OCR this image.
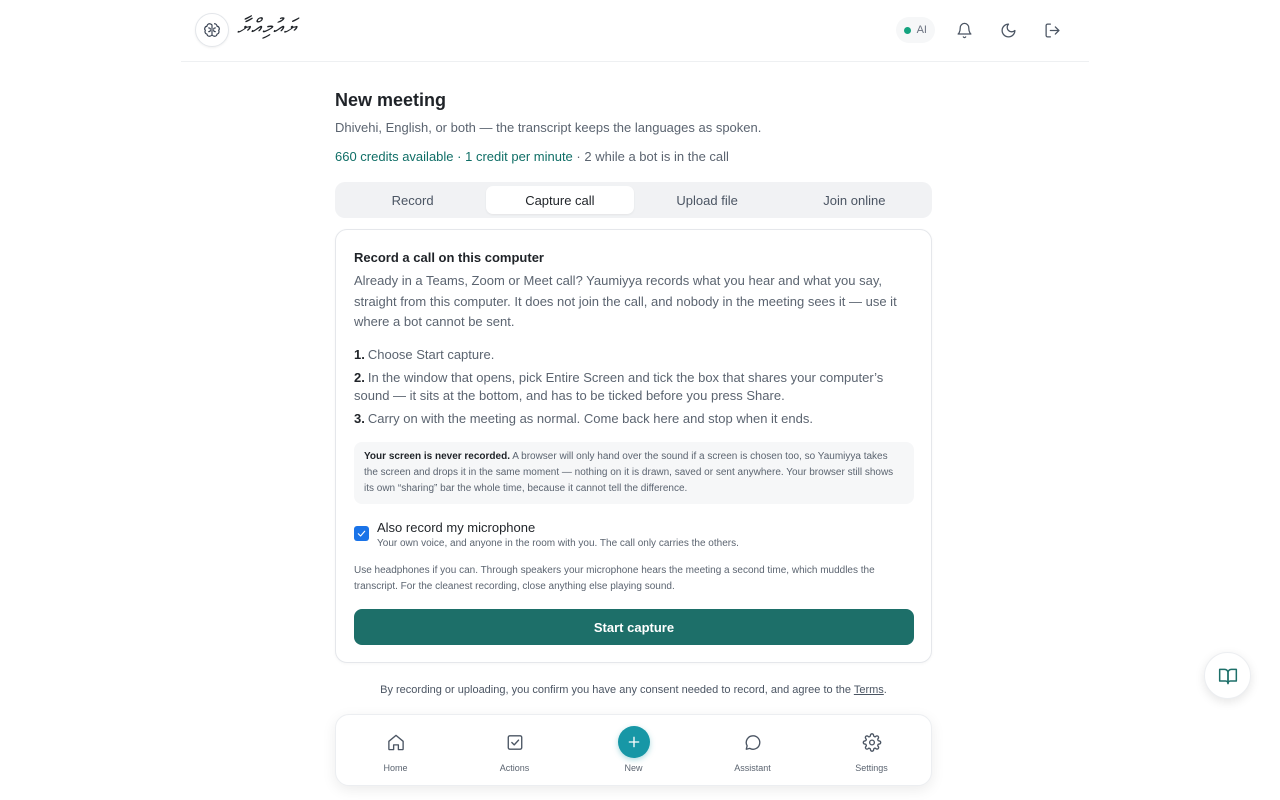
ޔައުމިއްޔާ	AI
New meeting
Dhivehi, English, or both — the transcript keeps the languages as spoken.
660 credits available · 1 credit per minute · 2 while a bot is in the call
Record	Capture call	Upload file	Join online
Record a call on this computer
Already in a Teams, Zoom or Meet call? Yaumiyya records what you hear and what you say, straight from this computer. It does not join the call, and nobody in the meeting sees it — use it where a bot cannot be sent.
1. Choose Start capture.
2. In the window that opens, pick Entire Screen and tick the box that shares your computer’s sound — it sits at the bottom, and has to be ticked before you press Share.
3. Carry on with the meeting as normal. Come back here and stop when it ends.
Your screen is never recorded. A browser will only hand over the sound if a screen is chosen too, so Yaumiyya takes the screen and drops it in the same moment — nothing on it is drawn, saved or sent anywhere. Your browser still shows its own “sharing” bar the whole time, because it cannot tell the difference.
Also record my microphone
Your own voice, and anyone in the room with you. The call only carries the others.
Use headphones if you can. Through speakers your microphone hears the meeting a second time, which muddles the transcript. For the cleanest recording, close anything else playing sound.
Start capture
By recording or uploading, you confirm you have any consent needed to record, and agree to the Terms.
Home	Actions	New	Assistant	Settings
